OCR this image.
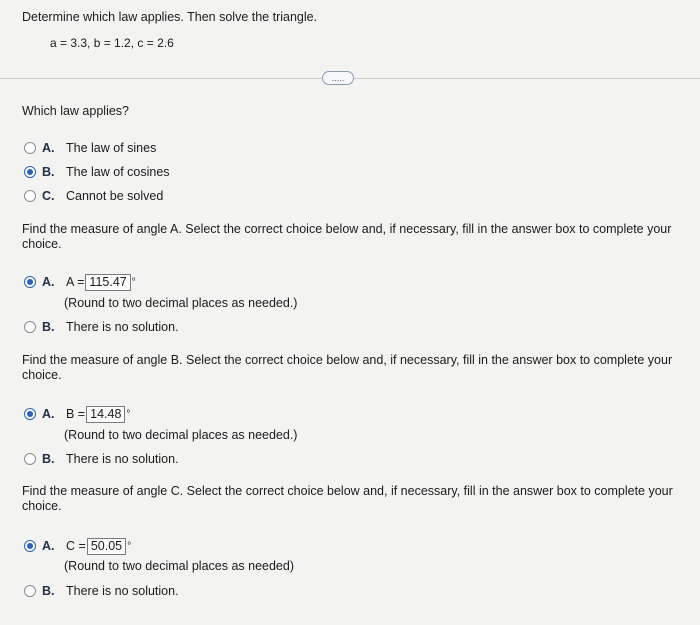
Determine which law applies. Then solve the triangle.
a = 3.3, b = 1.2, c = 2.6
.....
Which law applies?
A. The law of sines
B. The law of cosines
C. Cannot be solved
Find the measure of angle A. Select the correct choice below and, if necessary, fill in the answer box to complete your choice.
A. A = 115.47 °
(Round to two decimal places as needed.)
B. There is no solution.
Find the measure of angle B. Select the correct choice below and, if necessary, fill in the answer box to complete your choice.
A. B = 14.48 °
(Round to two decimal places as needed.)
B. There is no solution.
Find the measure of angle C. Select the correct choice below and, if necessary, fill in the answer box to complete your choice.
A. C = 50.05 °
(Round to two decimal places as needed)
B. There is no solution.
